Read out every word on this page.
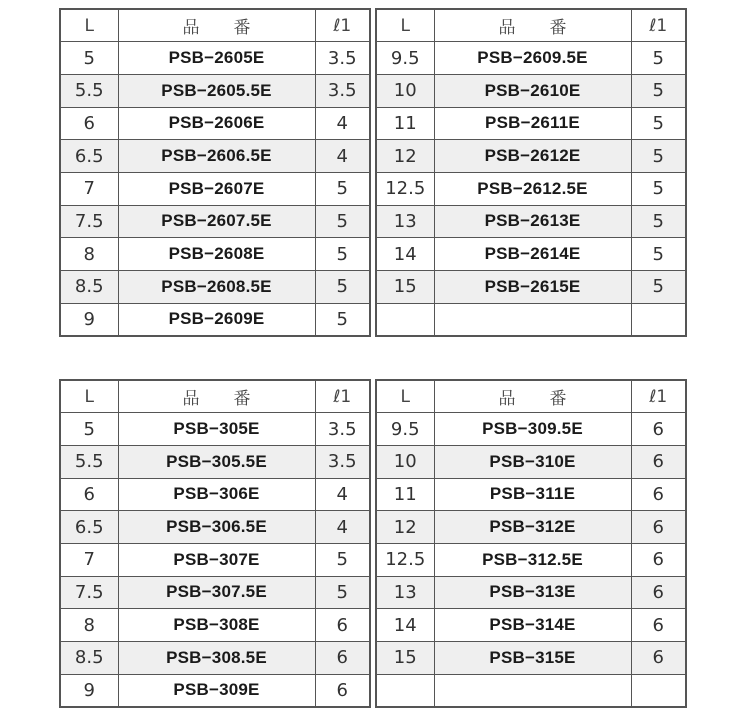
L	品　　番	ℓ1
5	PSB−2605E	3.5
5.5	PSB−2605.5E	3.5
6	PSB−2606E	4
6.5	PSB−2606.5E	4
7	PSB−2607E	5
7.5	PSB−2607.5E	5
8	PSB−2608E	5
8.5	PSB−2608.5E	5
9	PSB−2609E	5
L	品　　番	ℓ1
9.5	PSB−2609.5E	5
10	PSB−2610E	5
11	PSB−2611E	5
12	PSB−2612E	5
12.5	PSB−2612.5E	5
13	PSB−2613E	5
14	PSB−2614E	5
15	PSB−2615E	5

L	品　　番	ℓ1
5	PSB−305E	3.5
5.5	PSB−305.5E	3.5
6	PSB−306E	4
6.5	PSB−306.5E	4
7	PSB−307E	5
7.5	PSB−307.5E	5
8	PSB−308E	6
8.5	PSB−308.5E	6
9	PSB−309E	6
L	品　　番	ℓ1
9.5	PSB−309.5E	6
10	PSB−310E	6
11	PSB−311E	6
12	PSB−312E	6
12.5	PSB−312.5E	6
13	PSB−313E	6
14	PSB−314E	6
15	PSB−315E	6
